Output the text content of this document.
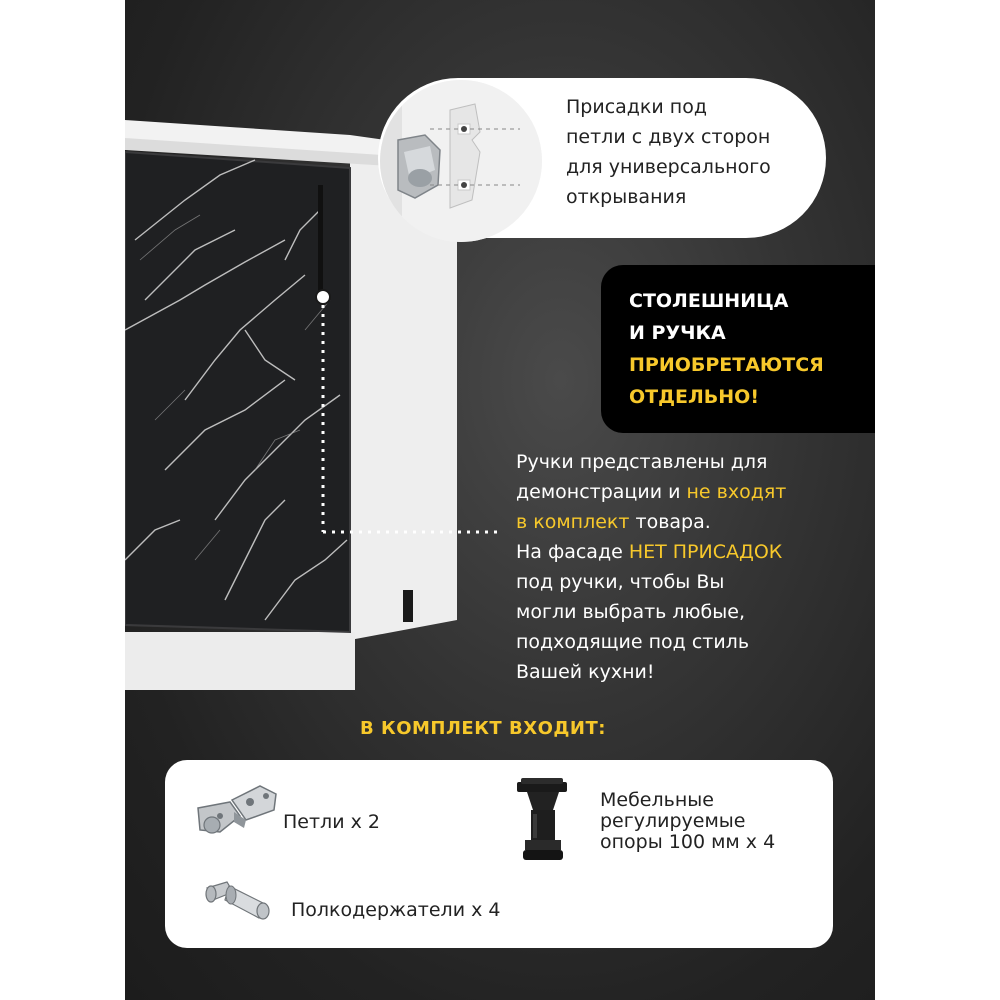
Присадки под
петли с двух сторон
для универсального
открывания
СТОЛЕШНИЦА
И РУЧКА
ПРИОБРЕТАЮТСЯ
ОТДЕЛЬНО!
Ручки представлены для
демонстрации и не входят
в комплект товара.
На фасаде НЕТ ПРИСАДОК
под ручки, чтобы Вы
могли выбрать любые,
подходящие под стиль
Вашей кухни!
В КОМПЛЕКТ ВХОДИТ:
Петли х 2
Мебельные
регулируемые
опоры 100 мм х 4
Полкодержатели х 4
